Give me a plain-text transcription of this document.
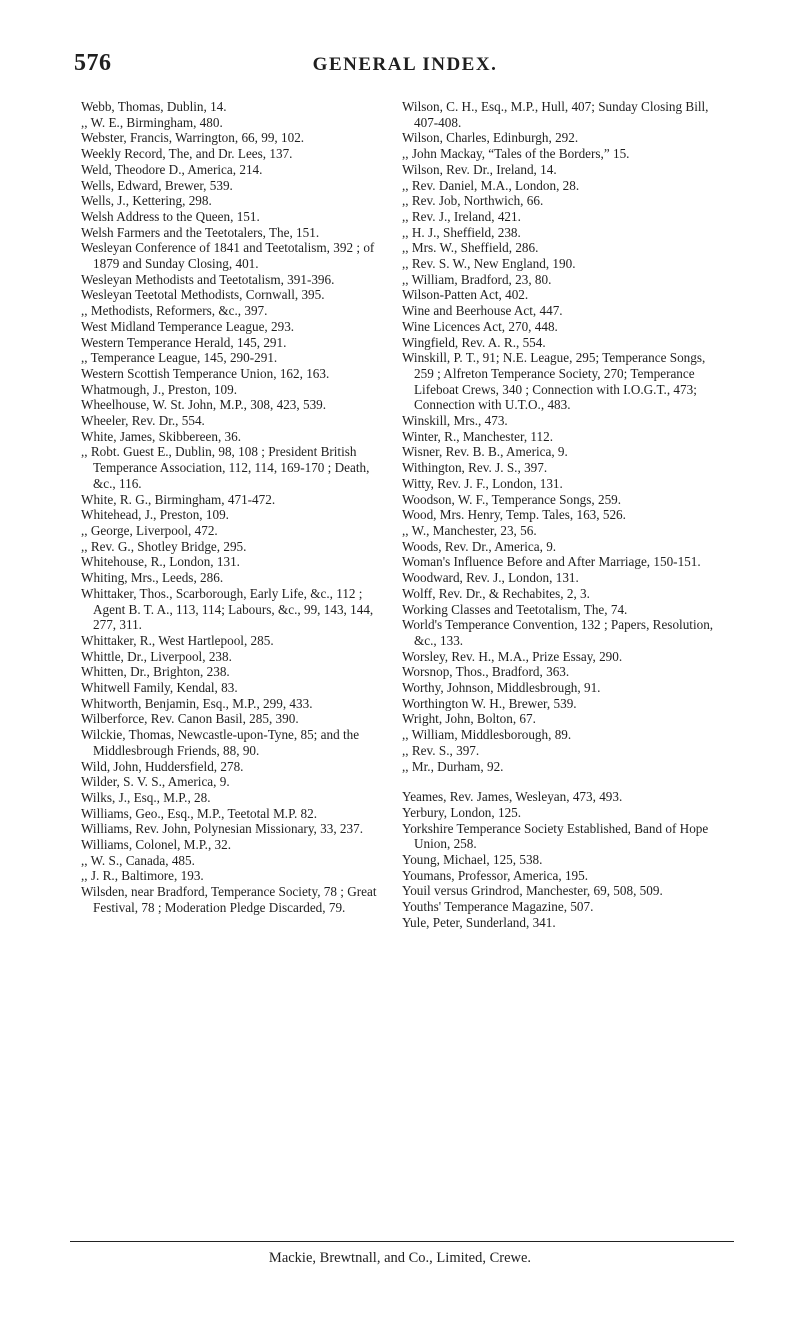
576	GENERAL INDEX.
Webb, Thomas, Dublin, 14.
,, W. E., Birmingham, 480.
Webster, Francis, Warrington, 66, 99, 102.
Weekly Record, The, and Dr. Lees, 137.
Weld, Theodore D., America, 214.
Wells, Edward, Brewer, 539.
Wells, J., Kettering, 298.
Welsh Address to the Queen, 151.
Welsh Farmers and the Teetotalers, The, 151.
Wesleyan Conference of 1841 and Teetotalism, 392 ; of 1879 and Sunday Closing, 401.
Wesleyan Methodists and Teetotalism, 391-396.
Wesleyan Teetotal Methodists, Cornwall, 395.
,, Methodists, Reformers, &c., 397.
West Midland Temperance League, 293.
Western Temperance Herald, 145, 291.
,, Temperance League, 145, 290-291.
Western Scottish Temperance Union, 162, 163.
Whatmough, J., Preston, 109.
Wheelhouse, W. St. John, M.P., 308, 423, 539.
Wheeler, Rev. Dr., 554.
White, James, Skibbereen, 36.
,, Robt. Guest E., Dublin, 98, 108 ; President British Temperance Association, 112, 114, 169-170 ; Death, &c., 116.
White, R. G., Birmingham, 471-472.
Whitehead, J., Preston, 109.
,, George, Liverpool, 472.
,, Rev. G., Shotley Bridge, 295.
Whitehouse, R., London, 131.
Whiting, Mrs., Leeds, 286.
Whittaker, Thos., Scarborough, Early Life, &c., 112 ; Agent B. T. A., 113, 114; Labours, &c., 99, 143, 144, 277, 311.
Whittaker, R., West Hartlepool, 285.
Whittle, Dr., Liverpool, 238.
Whitten, Dr., Brighton, 238.
Whitwell Family, Kendal, 83.
Whitworth, Benjamin, Esq., M.P., 299, 433.
Wilberforce, Rev. Canon Basil, 285, 390.
Wilckie, Thomas, Newcastle-upon-Tyne, 85; and the Middlesbrough Friends, 88, 90.
Wild, John, Huddersfield, 278.
Wilder, S. V. S., America, 9.
Wilks, J., Esq., M.P., 28.
Williams, Geo., Esq., M.P., Teetotal M.P. 82.
Williams, Rev. John, Polynesian Missionary, 33, 237.
Williams, Colonel, M.P., 32.
,, W. S., Canada, 485.
,, J. R., Baltimore, 193.
Wilsden, near Bradford, Temperance Society, 78 ; Great Festival, 78 ; Moderation Pledge Discarded, 79.
Wilson, C. H., Esq., M.P., Hull, 407; Sunday Closing Bill, 407-408.
Wilson, Charles, Edinburgh, 292.
,, John Mackay, “Tales of the Borders,” 15.
Wilson, Rev. Dr., Ireland, 14.
,, Rev. Daniel, M.A., London, 28.
,, Rev. Job, Northwich, 66.
,, Rev. J., Ireland, 421.
,, H. J., Sheffield, 238.
,, Mrs. W., Sheffield, 286.
,, Rev. S. W., New England, 190.
,, William, Bradford, 23, 80.
Wilson-Patten Act, 402.
Wine and Beerhouse Act, 447.
Wine Licences Act, 270, 448.
Wingfield, Rev. A. R., 554.
Winskill, P. T., 91; N.E. League, 295; Temperance Songs, 259 ; Alfreton Temperance Society, 270; Temperance Lifeboat Crews, 340 ; Connection with I.O.G.T., 473; Connection with U.T.O., 483.
Winskill, Mrs., 473.
Winter, R., Manchester, 112.
Wisner, Rev. B. B., America, 9.
Withington, Rev. J. S., 397.
Witty, Rev. J. F., London, 131.
Woodson, W. F., Temperance Songs, 259.
Wood, Mrs. Henry, Temp. Tales, 163, 526.
,, W., Manchester, 23, 56.
Woods, Rev. Dr., America, 9.
Woman's Influence Before and After Marriage, 150-151.
Woodward, Rev. J., London, 131.
Wolff, Rev. Dr., & Rechabites, 2, 3.
Working Classes and Teetotalism, The, 74.
World's Temperance Convention, 132 ; Papers, Resolution, &c., 133.
Worsley, Rev. H., M.A., Prize Essay, 290.
Worsnop, Thos., Bradford, 363.
Worthy, Johnson, Middlesbrough, 91.
Worthington W. H., Brewer, 539.
Wright, John, Bolton, 67.
,, William, Middlesborough, 89.
,, Rev. S., 397.
,, Mr., Durham, 92.
Yeames, Rev. James, Wesleyan, 473, 493.
Yerbury, London, 125.
Yorkshire Temperance Society Established, Band of Hope Union, 258.
Young, Michael, 125, 538.
Youmans, Professor, America, 195.
Youil versus Grindrod, Manchester, 69, 508, 509.
Youths' Temperance Magazine, 507.
Yule, Peter, Sunderland, 341.
Mackie, Brewtnall, and Co., Limited, Crewe.
